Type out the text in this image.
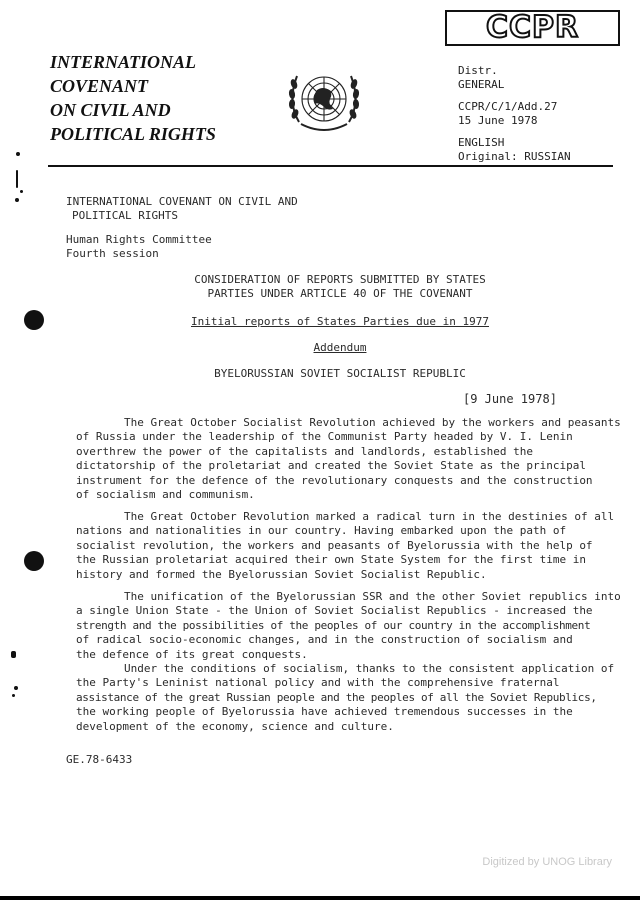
CCPR
INTERNATIONAL
COVENANT
ON CIVIL AND
POLITICAL RIGHTS
Distr.
GENERAL
CCPR/C/1/Add.27
15 June 1978
ENGLISH
Original: RUSSIAN
INTERNATIONAL COVENANT ON CIVIL AND
POLITICAL RIGHTS
Human Rights Committee
Fourth session
CONSIDERATION OF REPORTS SUBMITTED BY STATES
PARTIES UNDER ARTICLE 40 OF THE COVENANT
Initial reports of States Parties due in 1977
Addendum
BYELORUSSIAN SOVIET SOCIALIST REPUBLIC
[9 June 1978]
The Great October Socialist Revolution achieved by the workers and peasants
of Russia under the leadership of the Communist Party headed by V. I. Lenin
overthrew the power of the capitalists and landlords, established the
dictatorship of the proletariat and created the Soviet State as the principal
instrument for the defence of the revolutionary conquests and the construction
of socialism and communism.
The Great October Revolution marked a radical turn in the destinies of all
nations and nationalities in our country. Having embarked upon the path of
socialist revolution, the workers and peasants of Byelorussia with the help of
the Russian proletariat acquired their own State System for the first time in
history and formed the Byelorussian Soviet Socialist Republic.
The unification of the Byelorussian SSR and the other Soviet republics into
a single Union State - the Union of Soviet Socialist Republics - increased the
strength and the possibilities of the peoples of our country in the accomplishment
of radical socio-economic changes, and in the construction of socialism and
the defence of its great conquests.
Under the conditions of socialism, thanks to the consistent application of
the Party's Leninist national policy and with the comprehensive fraternal
assistance of the great Russian people and the peoples of all the Soviet Republics,
the working people of Byelorussia have achieved tremendous successes in the
development of the economy, science and culture.
GE.78-6433
Digitized by UNOG Library
